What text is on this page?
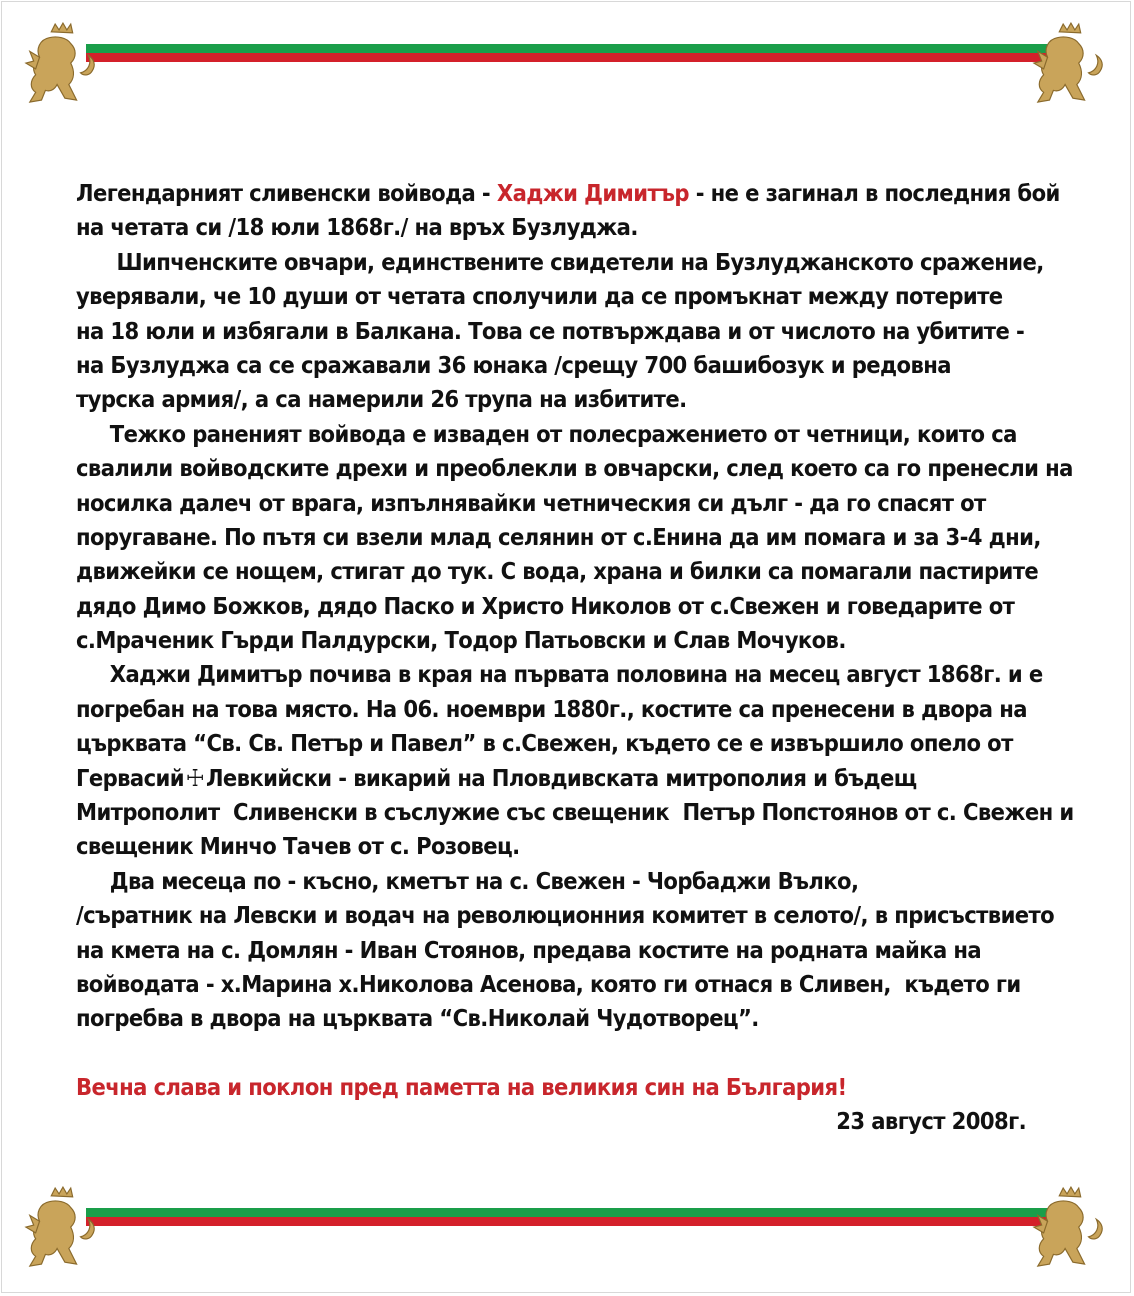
Легендарният сливенски войвода - Хаджи Димитър - не е загинал в последния бой
на четата си /18 юли 1868г./ на връх Бузлуджа.
Шипченските овчари, единствените свидетели на Бузлуджанското сражение,
уверявали, че 10 души от четата сполучили да се промъкнат между потерите
на 18 юли и избягали в Балкана. Това се потвърждава и от числото на убитите -
на Бузлуджа са се сражавали 36 юнака /срещу 700 башибозук и редовна
турска армия/, а са намерили 26 трупа на избитите.
Тежко раненият войвода е изваден от полесражението от четници, които са
свалили войводските дрехи и преоблекли в овчарски, след което са го пренесли на
носилка далеч от врага, изпълнявайки четническия си дълг - да го спасят от
поругаване. По пътя си взели млад селянин от с.Енина да им помага и за 3-4 дни,
движейки се нощем, стигат до тук. С вода, храна и билки са помагали пастирите
дядо Димо Божков, дядо Паско и Христо Николов от с.Свежен и говедарите от
с.Мраченик Гърди Палдурски, Тодор Патьовски и Слав Мочуков.
Хаджи Димитър почива в края на първата половина на месец август 1868г. и е
погребан на това място. На 06. ноември 1880г., костите са пренесени в двора на
църквата “Св. Св. Петър и Павел” в с.Свежен, където се е извършило опело от
Гервасий☩Левкийски - викарий на Пловдивската митрополия и бъдещ
Митрополит  Сливенски в съслужие със свещеник  Петър Попстоянов от с. Свежен и
свещеник Минчо Тачев от с. Розовец.
Два месеца по - късно, кметът на с. Свежен - Чорбаджи Вълко,
/съратник на Левски и водач на революционния комитет в селото/, в присъствието
на кмета на с. Домлян - Иван Стоянов, предава костите на родната майка на
войводата - х.Марина х.Николова Асенова, която ги отнася в Сливен,  където ги
погребва в двора на църквата “Св.Николай Чудотворец”.
Вечна слава и поклон пред паметта на великия син на България!
23 август 2008г.
